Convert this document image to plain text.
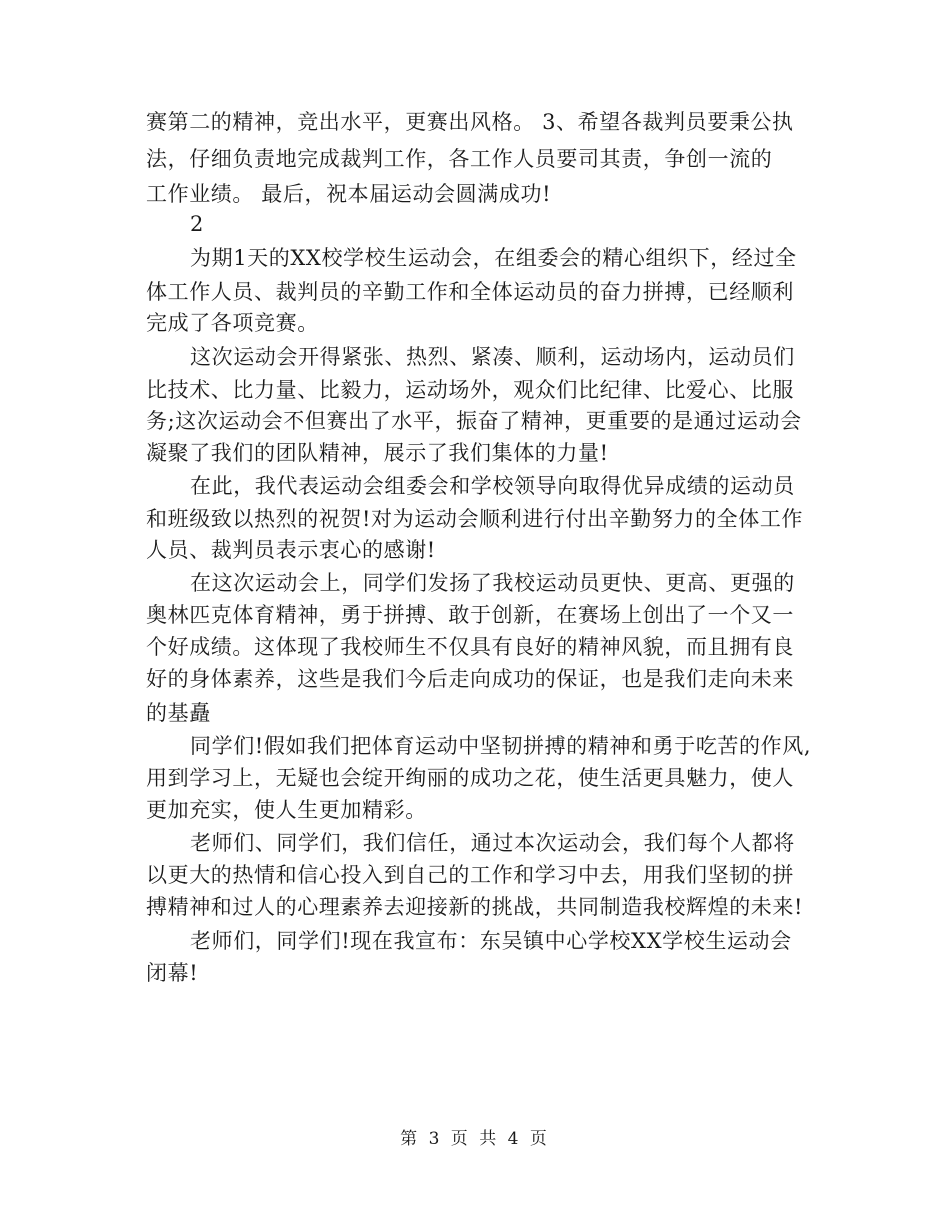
赛第二的精神，竞出水平，更赛出风格。 3、希望各裁判员要秉公执
法，仔细负责地完成裁判工作，各工作人员要司其责，争创一流的
工作业绩。 最后，祝本届运动会圆满成功!
2
为期1天的XX校学校生运动会，在组委会的精心组织下，经过全
体工作人员、裁判员的辛勤工作和全体运动员的奋力拼搏，已经顺利
完成了各项竞赛。
这次运动会开得紧张、热烈、紧凑、顺利，运动场内，运动员们
比技术、比力量、比毅力，运动场外，观众们比纪律、比爱心、比服
务;这次运动会不但赛出了水平，振奋了精神，更重要的是通过运动会
凝聚了我们的团队精神，展示了我们集体的力量!
在此，我代表运动会组委会和学校领导向取得优异成绩的运动员
和班级致以热烈的祝贺!对为运动会顺利进行付出辛勤努力的全体工作
人员、裁判员表示衷心的感谢!
在这次运动会上，同学们发扬了我校运动员更快、更高、更强的
奥林匹克体育精神，勇于拼搏、敢于创新，在赛场上创出了一个又一
个好成绩。这体现了我校师生不仅具有良好的精神风貌，而且拥有良
好的身体素养，这些是我们今后走向成功的保证，也是我们走向未来
的基矗
同学们!假如我们把体育运动中坚韧拼搏的精神和勇于吃苦的作风,
用到学习上，无疑也会绽开绚丽的成功之花，使生活更具魅力，使人
更加充实，使人生更加精彩。
老师们、同学们，我们信任，通过本次运动会，我们每个人都将
以更大的热情和信心投入到自己的工作和学习中去，用我们坚韧的拼
搏精神和过人的心理素养去迎接新的挑战，共同制造我校辉煌的未来!
老师们，同学们!现在我宣布：东吴镇中心学校XX学校生运动会
闭幕!
第 3 页 共 4 页
